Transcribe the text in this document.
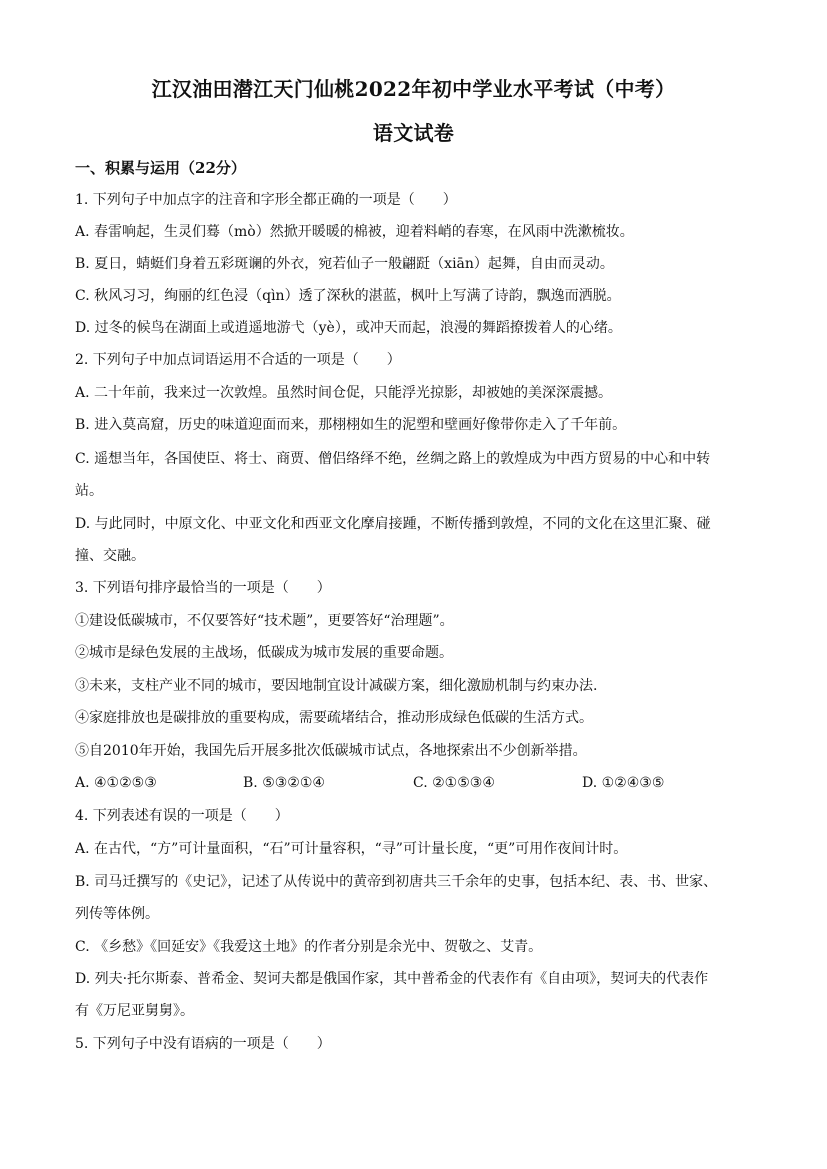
江汉油田潜江天门仙桃2022年初中学业水平考试（中考）
语文试卷
一、积累与运用（22分）
1. 下列句子中加点字的注音和字形全都正确的一项是（　　）
A. 春雷响起，生灵们蓦（mò）然掀开暖暖的棉被，迎着料峭的春寒，在风雨中洗漱梳妆。
B. 夏日，蜻蜓们身着五彩斑谰的外衣，宛若仙子一般翩跹（xiān）起舞，自由而灵动。
C. 秋风习习，绚丽的红色浸（qìn）透了深秋的湛蓝，枫叶上写满了诗韵，飘逸而洒脱。
D. 过冬的候鸟在湖面上或逍遥地游弋（yè），或冲天而起，浪漫的舞蹈撩拨着人的心绪。
2. 下列句子中加点词语运用不合适的一项是（　　）
A. 二十年前，我来过一次敦煌。虽然时间仓促，只能浮光掠影，却被她的美深深震撼。
B. 进入莫高窟，历史的味道迎面而来，那栩栩如生的泥塑和壁画好像带你走入了千年前。
C. 遥想当年，各国使臣、将士、商贾、僧侣络绎不绝，丝绸之路上的敦煌成为中西方贸易的中心和中转
站。
D. 与此同时，中原文化、中亚文化和西亚文化摩肩接踵，不断传播到敦煌，不同的文化在这里汇聚、碰
撞、交融。
3. 下列语句排序最恰当的一项是（　　）
①建设低碳城市，不仅要答好“技术题”，更要答好“治理题”。
②城市是绿色发展的主战场，低碳成为城市发展的重要命题。
③未来，支柱产业不同的城市，要因地制宜设计减碳方案，细化激励机制与约束办法.
④家庭排放也是碳排放的重要构成，需要疏堵结合，推动形成绿色低碳的生活方式。
⑤自2010年开始，我国先后开展多批次低碳城市试点，各地探索出不少创新举措。
A. ④①②⑤③	B. ⑤③②①④	C. ②①⑤③④	D. ①②④③⑤
4. 下列表述有误的一项是（　　）
A. 在古代，“方”可计量面积，“石”可计量容积，“寻”可计量长度，“更”可用作夜间计时。
B. 司马迁撰写的《史记》，记述了从传说中的黄帝到初唐共三千余年的史事，包括本纪、表、书、世家、
列传等体例。
C. 《乡愁》《回延安》《我爱这土地》的作者分别是余光中、贺敬之、艾青。
D. 列夫·托尔斯泰、普希金、契诃夫都是俄国作家，其中普希金的代表作有《自由项》，契诃夫的代表作
有《万尼亚舅舅》。
5. 下列句子中没有语病的一项是（　　）
